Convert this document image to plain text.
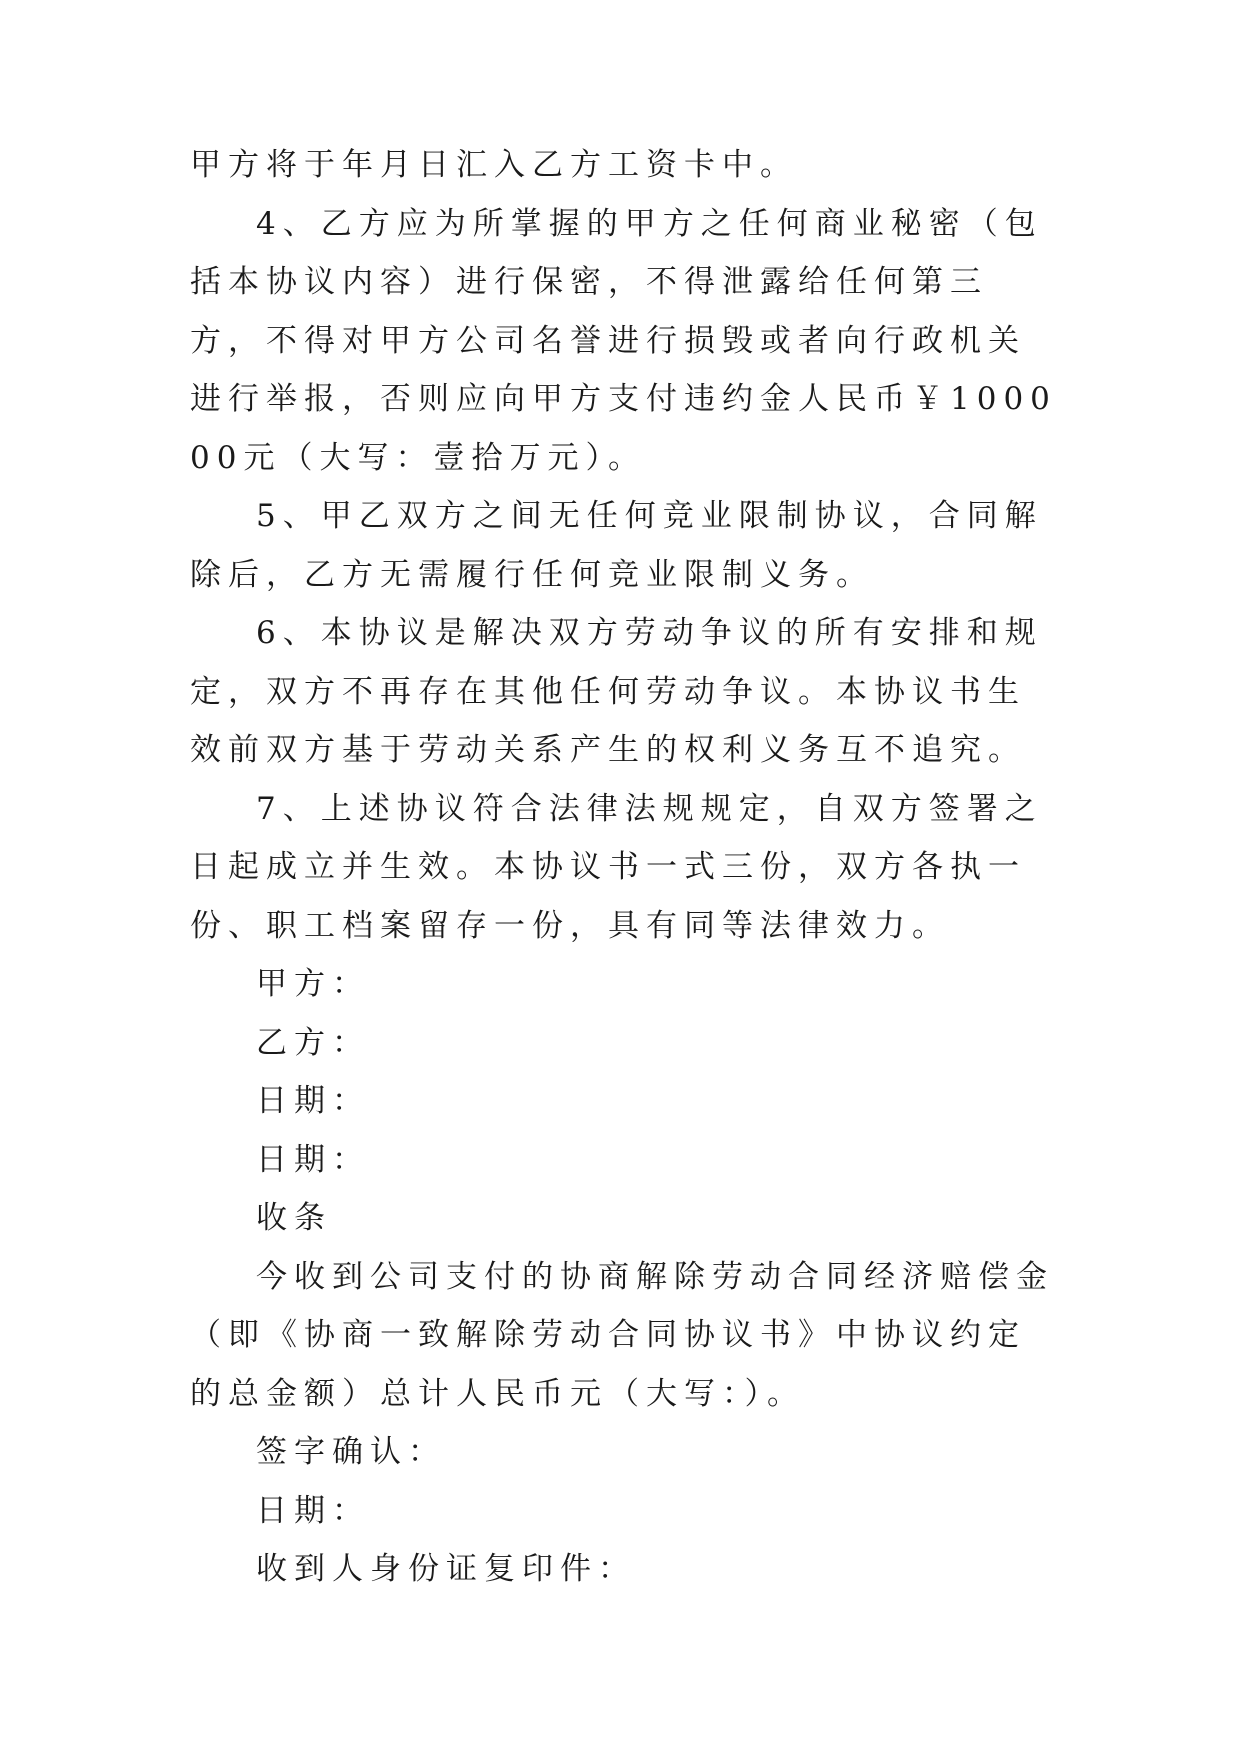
甲方将于年月日汇入乙方工资卡中。

4、乙方应为所掌握的甲方之任何商业秘密（包括本协议内容）进行保密，不得泄露给任何第三方，不得对甲方公司名誉进行损毁或者向行政机关进行举报，否则应向甲方支付违约金人民币￥100000元（大写：壹拾万元）。

5、甲乙双方之间无任何竞业限制协议，合同解除后，乙方无需履行任何竞业限制义务。

6、本协议是解决双方劳动争议的所有安排和规定，双方不再存在其他任何劳动争议。本协议书生效前双方基于劳动关系产生的权利义务互不追究。

7、上述协议符合法律法规规定，自双方签署之日起成立并生效。本协议书一式三份，双方各执一份、职工档案留存一份，具有同等法律效力。

甲方：

乙方：

日期：

日期：

收条

今收到公司支付的协商解除劳动合同经济赔偿金（即《协商一致解除劳动合同协议书》中协议约定的总金额）总计人民币元（大写：）。

签字确认：

日期：

收到人身份证复印件：
